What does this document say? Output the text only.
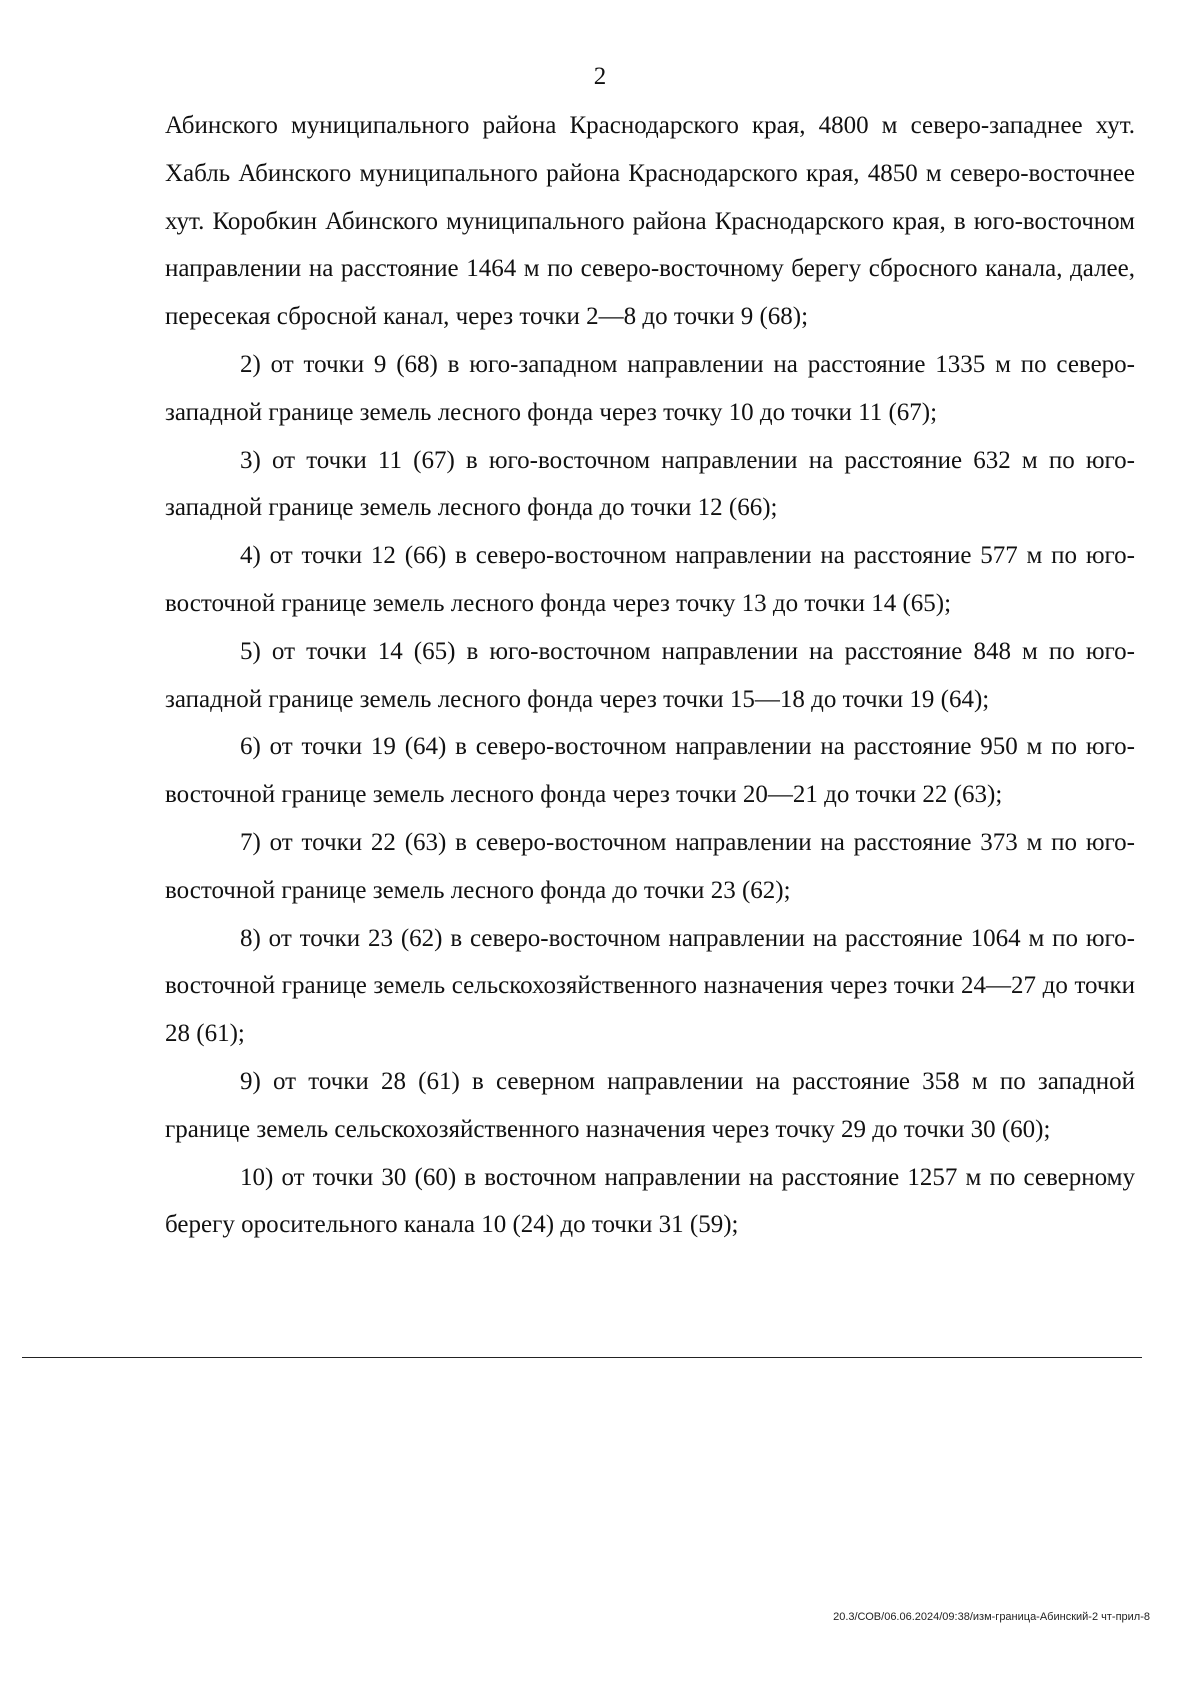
2

Абинского муниципального района Краснодарского края, 4800 м северо-западнее хут. Хабль Абинского муниципального района Краснодарского края, 4850 м северо-восточнее хут. Коробкин Абинского муниципального района Краснодарского края, в юго-восточном направлении на расстояние 1464 м по северо-восточному берегу сбросного канала, далее, пересекая сбросной канал, через точки 2—8 до точки 9 (68);

2) от точки 9 (68) в юго-западном направлении на расстояние 1335 м по северо-западной границе земель лесного фонда через точку 10 до точки 11 (67);

3) от точки 11 (67) в юго-восточном направлении на расстояние 632 м по юго-западной границе земель лесного фонда до точки 12 (66);

4) от точки 12 (66) в северо-восточном направлении на расстояние 577 м по юго-восточной границе земель лесного фонда через точку 13 до точки 14 (65);

5) от точки 14 (65) в юго-восточном направлении на расстояние 848 м по юго-западной границе земель лесного фонда через точки 15—18 до точки 19 (64);

6) от точки 19 (64) в северо-восточном направлении на расстояние 950 м по юго-восточной границе земель лесного фонда через точки 20—21 до точки 22 (63);

7) от точки 22 (63) в северо-восточном направлении на расстояние 373 м по юго-восточной границе земель лесного фонда до точки 23 (62);

8) от точки 23 (62) в северо-восточном направлении на расстояние 1064 м по юго-восточной границе земель сельскохозяйственного назначения через точки 24—27 до точки 28 (61);

9) от точки 28 (61) в северном направлении на расстояние 358 м по западной границе земель сельскохозяйственного назначения через точку 29 до точки 30 (60);

10) от точки 30 (60) в восточном направлении на расстояние 1257 м по северному берегу оросительного канала 10 (24) до точки 31 (59);

20.3/СОВ/06.06.2024/09:38/изм-граница-Абинский-2 чт-прил-8
